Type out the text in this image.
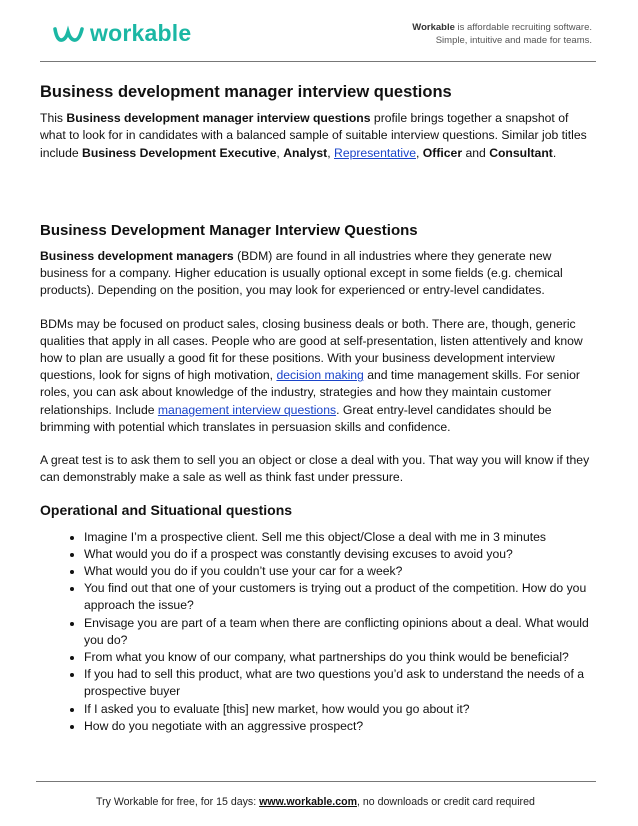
workable	Workable is affordable recruiting software.
Simple, intuitive and made for teams.
Business development manager interview questions

This Business development manager interview questions profile brings together a snapshot of what to look for in candidates with a balanced sample of suitable interview questions. Similar job titles include Business Development Executive, Analyst, Representative, Officer and Consultant.

Business Development Manager Interview Questions

Business development managers (BDM) are found in all industries where they generate new business for a company. Higher education is usually optional except in some fields (e.g. chemical products). Depending on the position, you may look for experienced or entry-level candidates.

BDMs may be focused on product sales, closing business deals or both. There are, though, generic qualities that apply in all cases. People who are good at self-presentation, listen attentively and know how to plan are usually a good fit for these positions. With your business development interview questions, look for signs of high motivation, decision making and time management skills. For senior roles, you can ask about knowledge of the industry, strategies and how they maintain customer relationships. Include management interview questions. Great entry-level candidates should be brimming with potential which translates in persuasion skills and confidence.

A great test is to ask them to sell you an object or close a deal with you. That way you will know if they can demonstrably make a sale as well as think fast under pressure.

Operational and Situational questions
• Imagine I’m a prospective client. Sell me this object/Close a deal with me in 3 minutes
• What would you do if a prospect was constantly devising excuses to avoid you?
• What would you do if you couldn’t use your car for a week?
• You find out that one of your customers is trying out a product of the competition. How do you approach the issue?
• Envisage you are part of a team when there are conflicting opinions about a deal. What would you do?
• From what you know of our company, what partnerships do you think would be beneficial?
• If you had to sell this product, what are two questions you’d ask to understand the needs of a prospective buyer
• If I asked you to evaluate [this] new market, how would you go about it?
• How do you negotiate with an aggressive prospect?
Try Workable for free, for 15 days: www.workable.com, no downloads or credit card required
